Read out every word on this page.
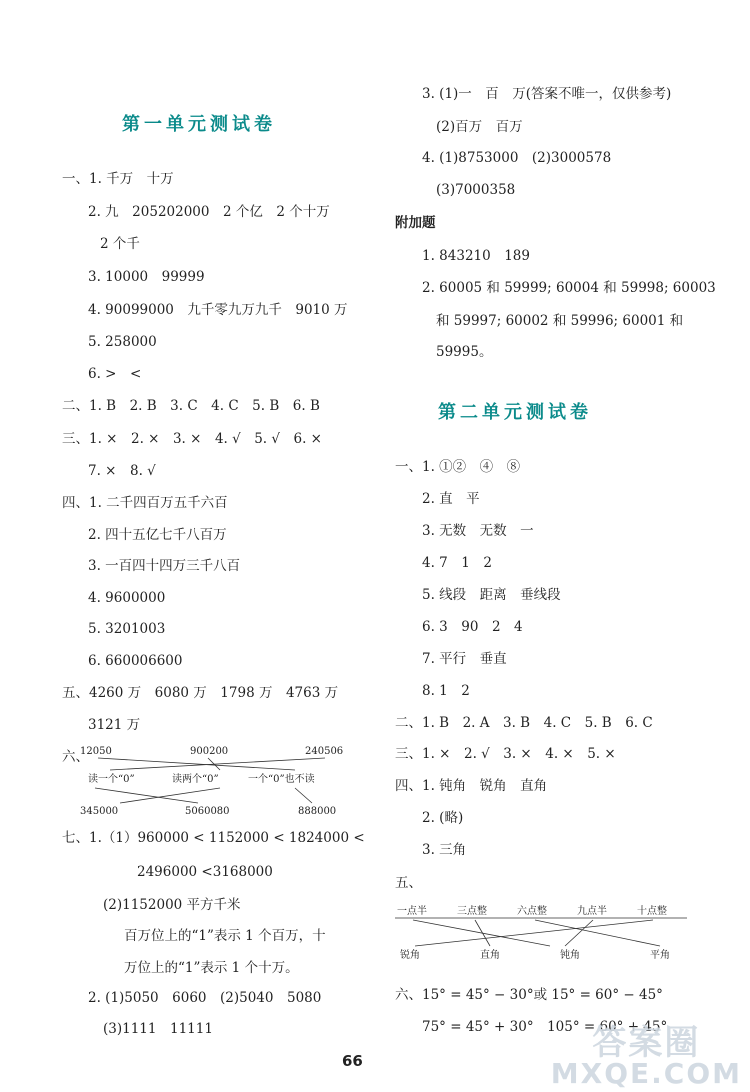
第一单元测试卷
一、1. 千万　十万
2. 九　205202000　2 个亿　2 个十万
2 个千
3. 10000　99999
4. 90099000　九千零九万九千　9010 万
5. 258000
6. >　<
二、1. B　2. B　3. C　4. C　5. B　6. B
三、1. ×　2. ×　3. ×　4. √　5. √　6. ×
7. ×　8. √
四、1. 二千四百万五千六百
2. 四十五亿七千八百万
3. 一百四十四万三千八百
4. 9600000
5. 3201003
6. 660006600
五、4260 万　6080 万　1798 万　4763 万
3121 万
六、
12050	900200	240506
读一个“0”	读两个“0”	一个“0”也不读
345000	5060080	888000
七、1.（1）960000 < 1152000 < 1824000 <
2496000 <3168000
(2)1152000 平方千米
百万位上的“1”表示 1 个百万，十
万位上的“1”表示 1 个十万。
2. (1)5050　6060　(2)5040　5080
(3)1111　11111
3. (1)一　百　万(答案不唯一，仅供参考)
(2)百万　百万
4. (1)8753000　(2)3000578
(3)7000358
附加题
1. 843210　189
2. 60005 和 59999; 60004 和 59998; 60003
和 59997; 60002 和 59996; 60001 和
59995。
第二单元测试卷
一、1. ①②　④　⑧
2. 直　平
3. 无数　无数　一
4. 7　1　2
5. 线段　距离　垂线段
6. 3　90　2　4
7. 平行　垂直
8. 1　2
二、1. B　2. A　3. B　4. C　5. B　6. C
三、1. ×　2. √　3. ×　4. ×　5. ×
四、1. 钝角　锐角　直角
2. (略)
3. 三角
五、
一点半	三点整	六点整	九点半	十点整
锐角	直角	钝角	平角
六、15° = 45° − 30°或 15° = 60° − 45°
75° = 45° + 30°　105° = 60° + 45°
66	答案圈
MXQE.COM
